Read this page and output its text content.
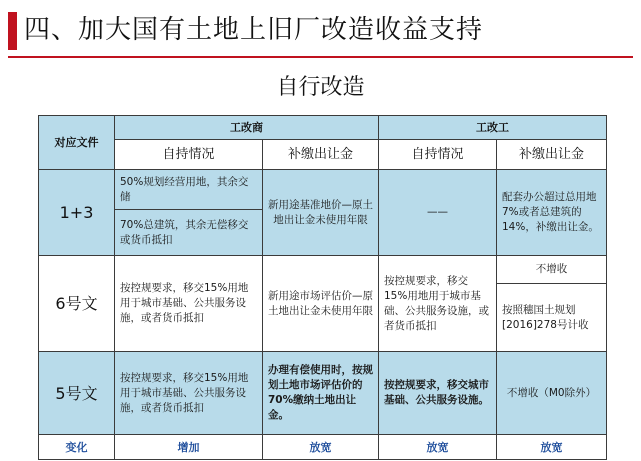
四、加大国有土地上旧厂改造收益支持
自行改造
对应文件	工改商		工改工	
	自持情况	补缴出让金	自持情况	补缴出让金
1+3	50%规划经营用地，其余交储	新用途基准地价—原土地出让金未使用年限	——	配套办公超过总用地7%或者总建筑的14%，补缴出让金。
	70%总建筑，其余无偿移交或货币抵扣			
6号文	按控规要求，移交15%用地用于城市基础、公共服务设施，或者货币抵扣	新用途市场评估价—原土地出让金未使用年限	按控规要求，移交15%用地用于城市基础、公共服务设施，或者货币抵扣	不增收
				按照穗国土规划[2016]278号计收
5号文	按控规要求，移交15%用地用于城市基础、公共服务设施，或者货币抵扣	办理有偿使用时，按规划土地市场评估价的70%缴纳土地出让金。	按控规要求，移交城市基础、公共服务设施。	不增收（M0除外）
变化	增加	放宽	放宽	放宽
